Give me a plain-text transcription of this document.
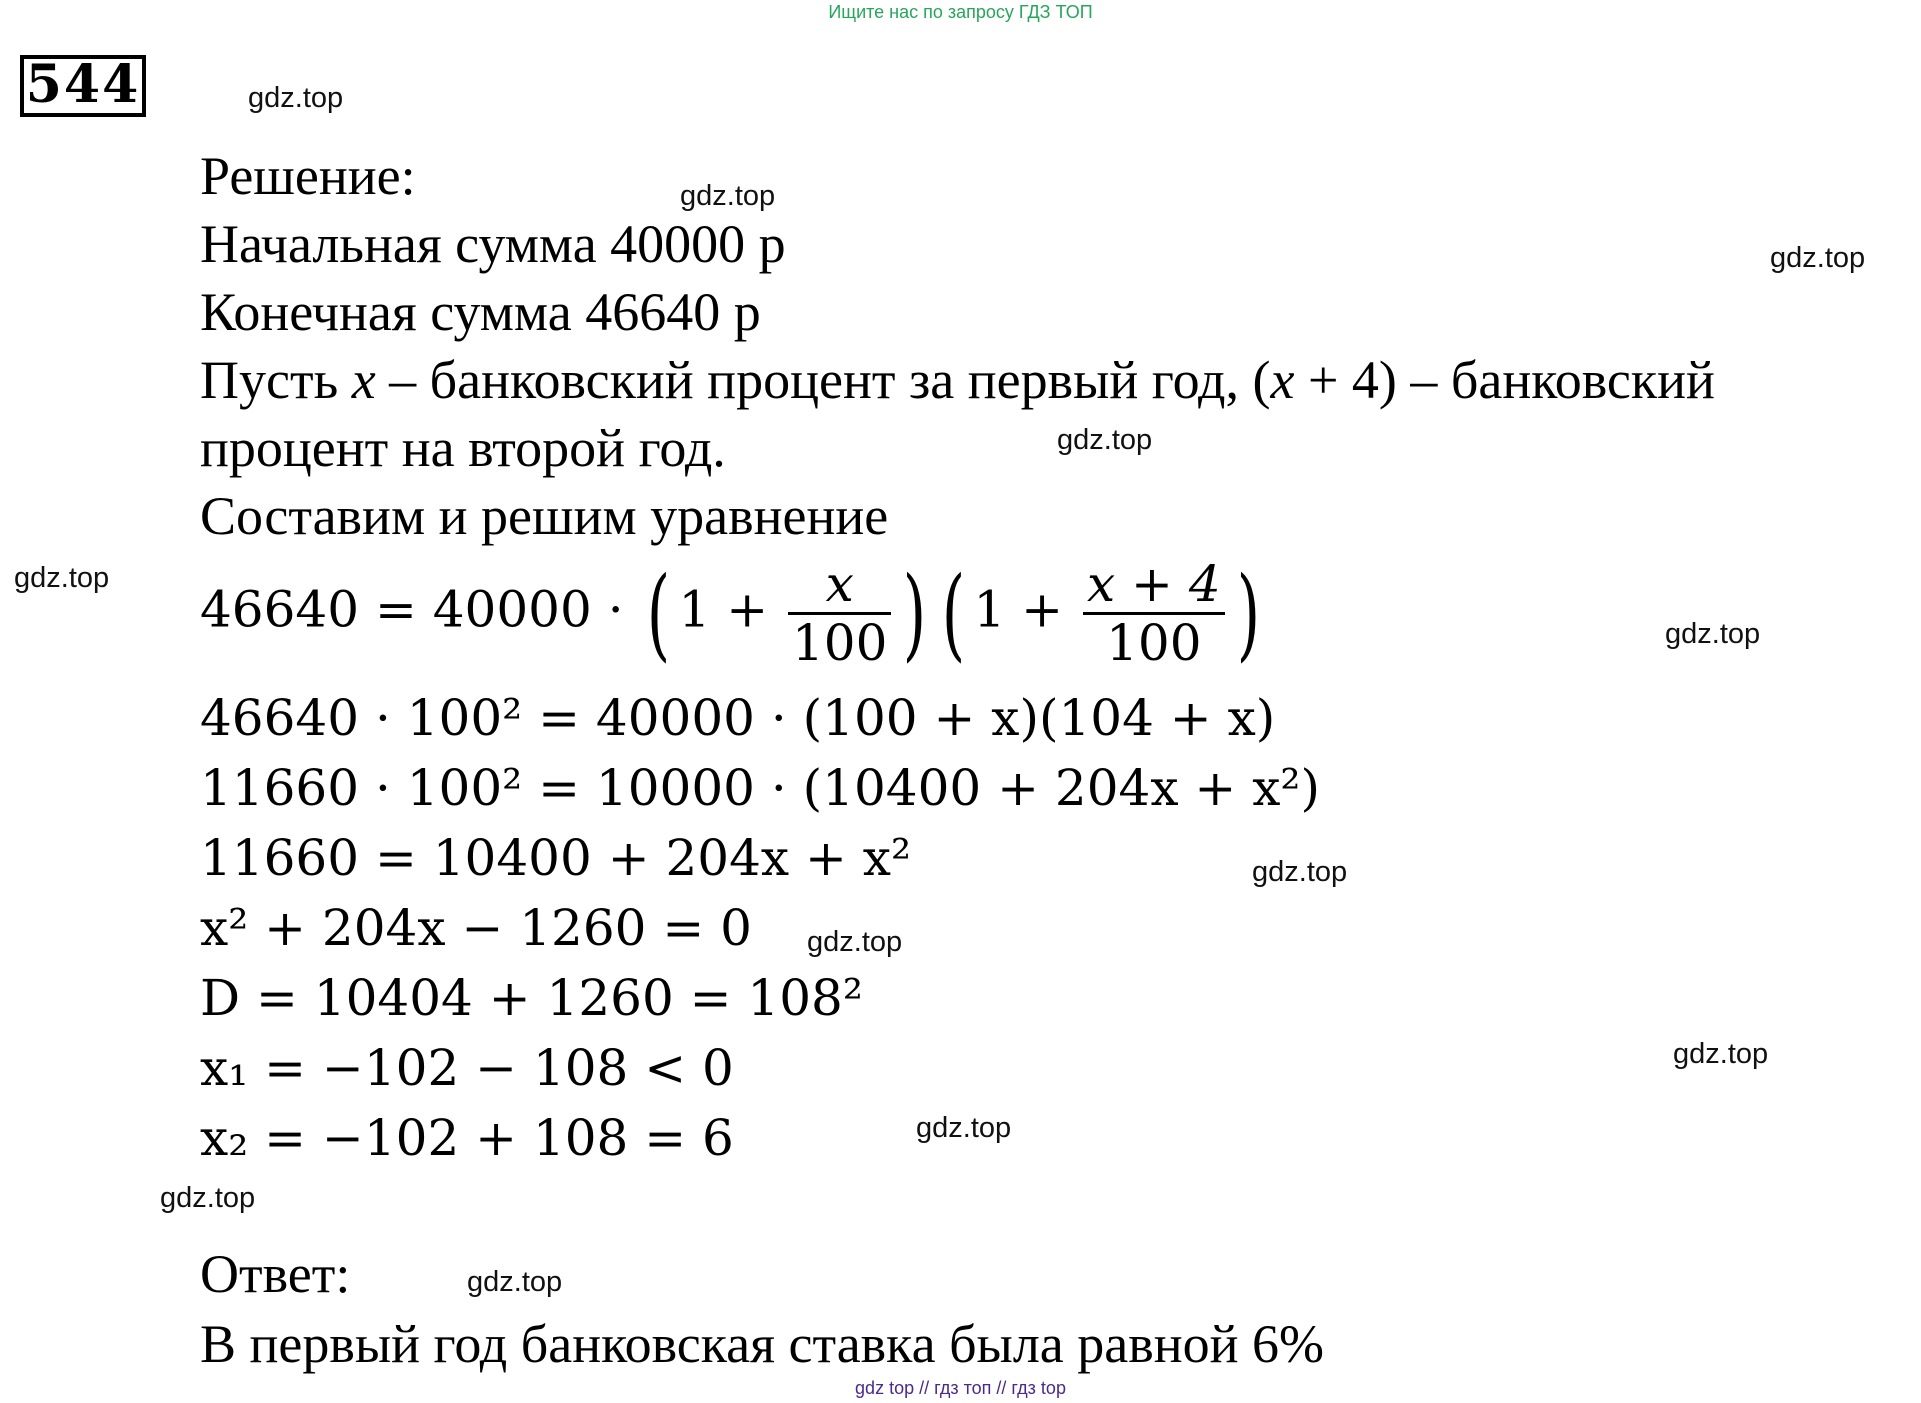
Ищите нас по запросу ГДЗ ТОП
544
Решение:
Начальная сумма 40000 р
Конечная сумма 46640 р
Пусть x – банковский процент за первый год, (x + 4) – банковский
процент на второй год.
Составим и решим уравнение
46640 = 40000 · ( $1 + \frac{x}{100}$ ) ( $1 + \frac{x + 4}{100}$ )
46640 · 100² = 40000 · (100 + x)(104 + x)
11660 · 100² = 10000 · (10400 + 204x + x²)
11660 = 10400 + 204x + x²
x² + 204x − 1260 = 0
D = 10404 + 1260 = 108²
x₁ = −102 − 108 < 0
x₂ = −102 + 108 = 6
Ответ:
В первый год банковская ставка была равной 6%
gdz.top
gdz.top
gdz.top
gdz.top
gdz.top
gdz.top
gdz.top
gdz.top
gdz.top
gdz.top
gdz.top
gdz.top
gdz top // гдз топ // гдз top
